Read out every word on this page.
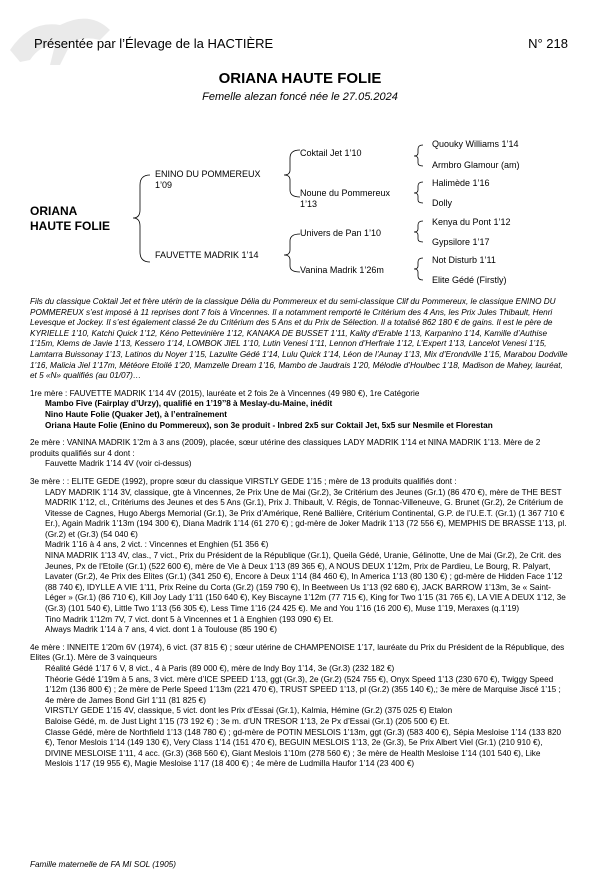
Présentée par l’Élevage de la HACTIÈRE	N° 218
ORIANA HAUTE FOLIE
Femelle alezan foncé née le 27.05.2024
ORIANA
HAUTE FOLIE
ENINO DU POMMEREUX
1’09
FAUVETTE MADRIK 1’14
Coktail Jet 1’10
Noune du Pommereux
1’13
Univers de Pan 1’10
Vanina Madrik 1’26m
Quouky Williams 1’14
Armbro Glamour (am)
Halimède 1’16
Dolly
Kenya du Pont 1’12
Gypsilore 1’17
Not Disturb 1’11
Elite Gédé (Firstly)
Fils du classique Coktail Jet et frère utérin de la classique Délia du Pommereux et du semi-classique Clif du Pommereux, le classique ENINO DU POMMEREUX s’est imposé à 11 reprises dont 7 fois à Vincennes. Il a notamment remporté le Critérium des 4 Ans, les Prix Jules Thibault, Henri Levesque et Jockey. Il s’est également classé 2e du Critérium des 5 Ans et du Prix de Sélection. Il a totalisé 862 180 € de gains. Il est le père de KYRIELLE 1’10, Katchi Quick 1’12, Kéno Pettevinière 1’12, KANAKA DE BUSSET 1’11, Kality d’Erable 1’13, Karpanino 1’14, Kamille d’Authise 1’15m, Klems de Javie 1’13, Kessero 1’14, LOMBOK JIEL 1’10, Lutin Venesi 1’11, Lennon d’Herfraie 1’12, L’Expert 1’13, Lancelot Venesi 1’15, Lamtarra Buissonay 1’13, Latinos du Noyer 1’15, Lazulite Gédé 1’14, Lulu Quick 1’14, Léon de l’Aunay 1’13, Mix d’Erondville 1’15, Marabou Dodville 1’16, Malicia Jiel 1’17m, Météore Etoilé 1’20, Mamzelle Dream 1’16, Mambo de Jaudrais 1’20, Mélodie d’Houlbec 1’18, Madison de Mahey, lauréat, et 5 «N» qualifiés (au 01/07)…
1re mère : FAUVETTE MADRIK 1’14 4V (2015), lauréate et 2 fois 2e à Vincennes (49 980 €), 1re Catégorie
Mambo Five (Fairplay d’Urzy), qualifié en 1’19’’8 à Meslay-du-Maine, inédit
Nino Haute Folie (Quaker Jet), à l’entraînement
Oriana Haute Folie (Enino du Pommereux), son 3e produit - Inbred 2x5 sur Coktail Jet, 5x5 sur Nesmile et Florestan
2e mère : VANINA MADRIK 1’2m à 3 ans (2009), placée, sœur utérine des classiques LADY MADRIK 1’14 et NINA MADRIK 1’13. Mère de 2 produits qualifiés sur 4 dont :
Fauvette Madrik 1’14 4V (voir ci-dessus)
3e mère : : ELITE GEDE (1992), propre sœur du classique VIRSTLY GEDE 1’15 ; mère de 13 produits qualifiés dont :
LADY MADRIK 1’14 3V, classique, gte à Vincennes, 2e Prix Une de Mai (Gr.2), 3e Critérium des Jeunes (Gr.1) (86 470 €), mère de THE BEST MADRIK 1’12, cl., Critériums des Jeunes et des 5 Ans (Gr.1), Prix J. Thibault, V. Régis, de Tonnac-Villeneuve, G. Brunet (Gr.2), 2e Critérium de Vitesse de Cagnes, Hugo Abergs Memorial (Gr.1), 3e Prix d’Amérique, René Ballière, Critérium Continental, G.P. de l’U.E.T. (Gr.1) (1 367 710 € Er.), Again Madrik 1’13m (194 300 €), Diana Madrik 1’14 (61 270 €) ; gd-mère de Joker Madrik 1’13 (72 556 €), MEMPHIS DE BRASSE 1’13, pl. (Gr.2) et (Gr.3) (54 040 €)
Madrik 1’16 à 4 ans, 2 vict. : Vincennes et Enghien (51 356 €)
NINA MADRIK 1’13 4V, clas., 7 vict., Prix du Président de la République (Gr.1), Queila Gédé, Uranie, Gélinotte, Une de Mai (Gr.2), 2e Crit. des Jeunes, Px de l’Etoile (Gr.1) (522 600 €), mère de Vie à Deux 1’13 (89 365 €), A NOUS DEUX 1’12m, Prix de Pardieu, Le Bourg, R. Palyart, Lavater (Gr.2), 4e Prix des Elites (Gr.1) (341 250 €), Encore à Deux 1’14 (84 460 €), In America 1’13 (80 130 €) ; gd-mère de Hidden Face 1’12 (88 740 €), IDYLLE A VIE 1’11, Prix Reine du Corta (Gr.2) (159 790 €), In Beetween Us 1’13 (92 680 €), JACK BARROW 1’13m, 3e « Saint-Léger » (Gr.1) (86 710 €), Kill Joy Lady 1’11 (150 640 €), Key Biscayne 1’12m (77 715 €), King for Two 1’15 (31 765 €), LA VIE A DEUX 1’12, 3e (Gr.3) (101 540 €), Little Two 1’13 (56 305 €), Less Time 1’16 (24 425 €). Me and You 1’16 (16 200 €), Muse 1’19, Meraxes (q.1’19)
Tino Madrik 1’12m 7V, 7 vict. dont 5 à Vincennes et 1 à Enghien (193 090 €) Et.
Always Madrik 1’14 à 7 ans, 4 vict. dont 1 à Toulouse (85 190 €)
4e mère : INNEITE 1’20m 6V (1974), 6 vict. (37 815 €) ; sœur utérine de CHAMPENOISE 1’17, lauréate du Prix du Président de la République, des Elites (Gr.1). Mère de 3 vainqueurs
Réalité Gédé 1’17 6 V, 8 vict., 4 à Paris (89 000 €), mère de Indy Boy 1’14, 3e (Gr.3) (232 182 €)
Théorie Gédé 1’19m à 5 ans, 3 vict. mère d’ICE SPEED 1’13, ggt (Gr.3), 2e (Gr.2) (524 755 €), Onyx Speed 1’13 (230 670 €), Twiggy Speed 1’12m (136 800 €) ; 2e mère de Perle Speed 1’13m (221 470 €), TRUST SPEED 1’13, pl (Gr.2) (355 140 €),; 3e mère de Marquise Jiscé 1’15 ; 4e mère de James Bond Girl 1’11 (81 825 €)
VIRSTLY GEDE 1’15 4V, classique, 5 vict. dont les Prix d’Essai (Gr.1), Kalmia, Hémine (Gr.2) (375 025 €) Etalon
Baloise Gédé, m. de Just Light 1’15 (73 192 €) ; 3e m. d’UN TRESOR 1’13, 2e Px d’Essai (Gr.1) (205 500 €) Et.
Classe Gédé, mère de Northfield 1’13 (148 780 €) ; gd-mère de POTIN MESLOIS 1’13m, ggt (Gr.3) (583 400 €), Sépia Mesloise 1’14 (133 820 €), Tenor Meslois 1’14 (149 130 €), Very Class 1’14 (151 470 €), BEGUIN MESLOIS 1’13, 2e (Gr.3), 5e Prix Albert Viel (Gr.1) (210 910 €), DIVINE MESLOISE 1’11, 4 acc. (Gr.3) (368 560 €), Giant Meslois 1’10m (278 560 €) ; 3e mère de Health Mesloise 1’14 (101 540 €), Like Meslois 1’17 (19 955 €), Magie Mesloise 1’17 (18 400 €) ; 4e mère de Ludmilla Haufor 1’14 (23 400 €)
Famille maternelle de FA MI SOL (1905)
